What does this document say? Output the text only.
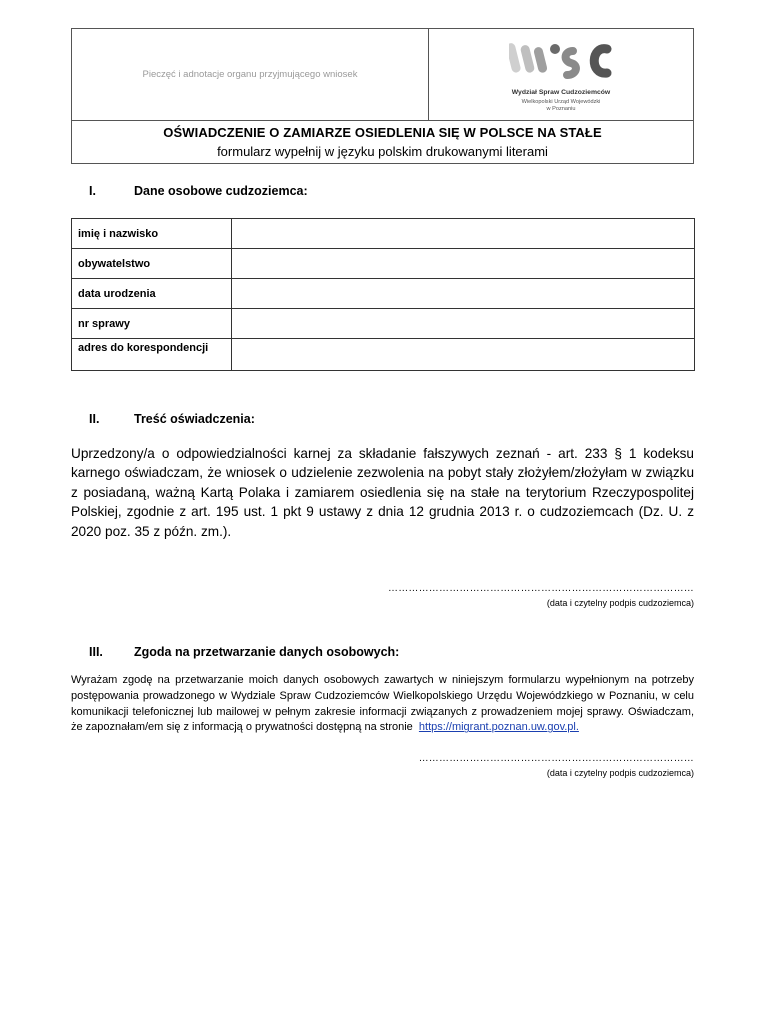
Pieczęć i adnotacje organu przyjmującego wniosek
Wydział Spraw Cudzoziemców
Wielkopolski Urząd Wojewódzki
w Poznaniu
OŚWIADCZENIE O ZAMIARZE OSIEDLENIA SIĘ W POLSCE NA STAŁE
formularz wypełnij w języku polskim drukowanymi literami
I.	Dane osobowe cudzoziemca:
imię i nazwisko	
obywatelstwo	
data urodzenia	
nr sprawy	
adres do korespondencji	
II.	Treść oświadczenia:
Uprzedzony/a o odpowiedzialności karnej za składanie fałszywych zeznań - art. 233 § 1 kodeksu karnego oświadczam, że wniosek o udzielenie zezwolenia na pobyt stały złożyłem/złożyłam w związku z posiadaną, ważną Kartą Polaka i zamiarem osiedlenia się na stałe na terytorium Rzeczypospolitej Polskiej, zgodnie z art. 195 ust. 1 pkt 9 ustawy z dnia 12 grudnia 2013 r. o cudzoziemcach (Dz. U. z 2020 poz. 35 z późn. zm.).
………………………………………………………………………………
(data i czytelny podpis cudzoziemca)
III. Zgoda na przetwarzanie danych osobowych:
Wyrażam zgodę na przetwarzanie moich danych osobowych zawartych w niniejszym formularzu wypełnionym na potrzeby postępowania prowadzonego w Wydziale Spraw Cudzoziemców Wielkopolskiego Urzędu Wojewódzkiego w Poznaniu, w celu komunikacji telefonicznej lub mailowej w pełnym zakresie informacji związanych z prowadzeniem mojej sprawy. Oświadczam, że zapoznałam/em się z informacją o prywatności dostępną na stronie https://migrant.poznan.uw.gov.pl.
………………………………………………………………………
(data i czytelny podpis cudzoziemca)
